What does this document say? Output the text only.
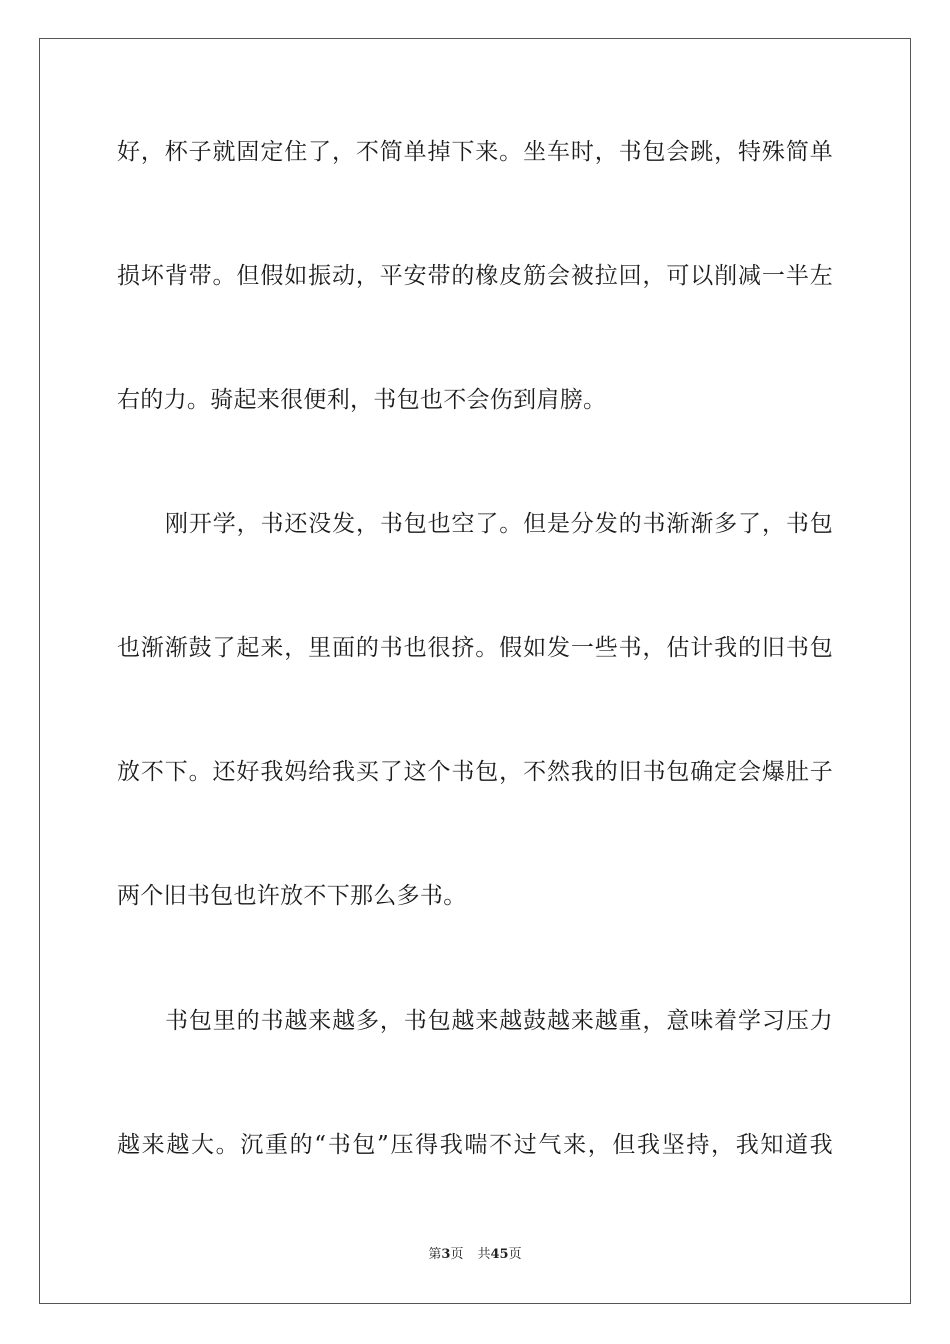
好，杯子就固定住了，不简单掉下来。坐车时，书包会跳，特殊简单
损坏背带。但假如振动，平安带的橡皮筋会被拉回，可以削减一半左
右的力。骑起来很便利，书包也不会伤到肩膀。
刚开学，书还没发，书包也空了。但是分发的书渐渐多了，书包
也渐渐鼓了起来，里面的书也很挤。假如发一些书，估计我的旧书包
放不下。还好我妈给我买了这个书包，不然我的旧书包确定会爆肚子
两个旧书包也许放不下那么多书。
书包里的书越来越多，书包越来越鼓越来越重，意味着学习压力
越来越大。沉重的“书包”压得我喘不过气来，但我坚持，我知道我
第3页 共45页
